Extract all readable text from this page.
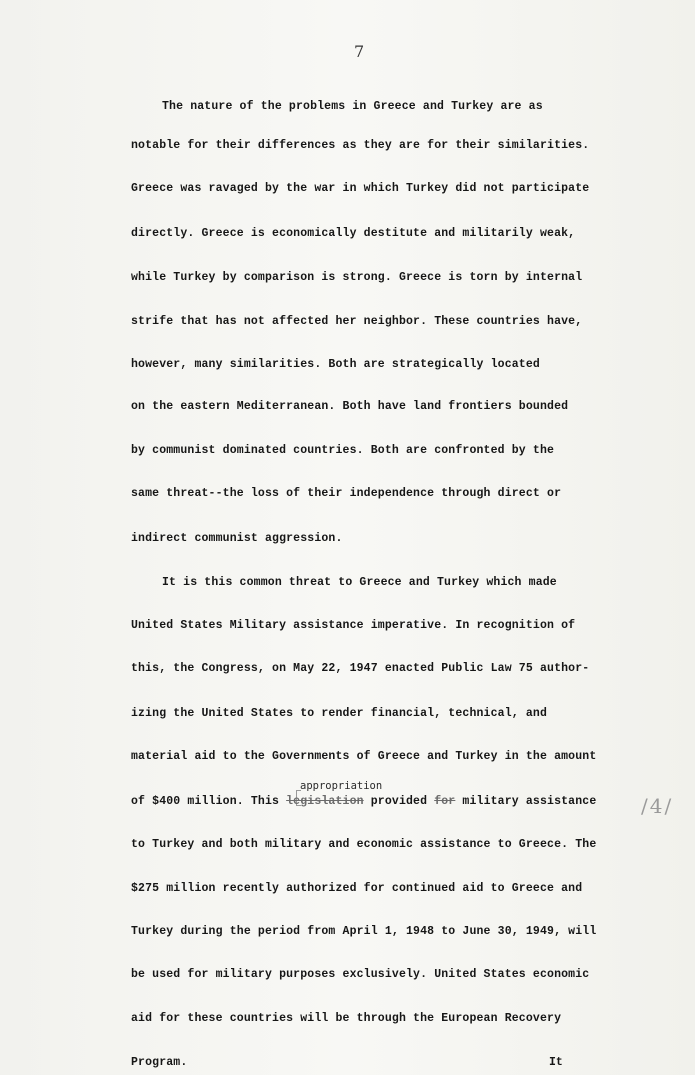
7
The nature of the problems in Greece and Turkey are as
notable for their differences as they are for their similarities.
Greece was ravaged by the war in which Turkey did not participate
directly. Greece is economically destitute and militarily weak,
while Turkey by comparison is strong. Greece is torn by internal
strife that has not affected her neighbor. These countries have,
however, many similarities. Both are strategically located
on the eastern Mediterranean. Both have land frontiers bounded
by communist dominated countries. Both are confronted by the
same threat--the loss of their independence through direct or
indirect communist aggression.
It is this common threat to Greece and Turkey which made
United States Military assistance imperative. In recognition of
this, the Congress, on May 22, 1947 enacted Public Law 75 author-
izing the United States to render financial, technical, and
material aid to the Governments of Greece and Turkey in the amount
appropriation
of $400 million. This legislation provided for military assistance /4/
to Turkey and both military and economic assistance to Greece. The
$275 million recently authorized for continued aid to Greece and
Turkey during the period from April 1, 1948 to June 30, 1949, will
be used for military purposes exclusively. United States economic
aid for these countries will be through the European Recovery
Program.	It
